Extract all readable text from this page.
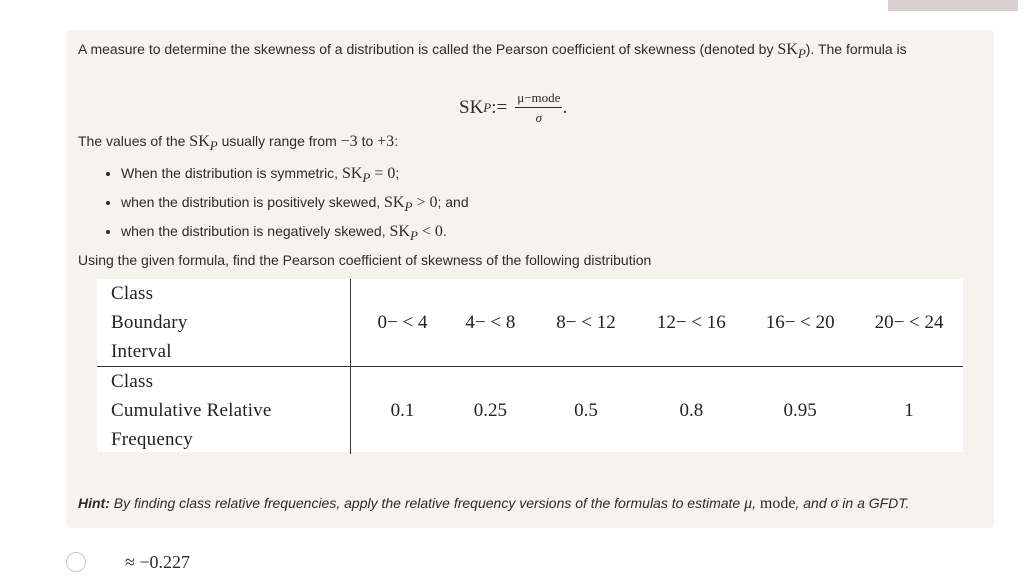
A measure to determine the skewness of a distribution is called the Pearson coefficient of skewness (denoted by $SK_P$). The formula is
SK P := $\frac{\text{μ−mode}}{\sigma}$ .
The values of the $SK_P$ usually range from −3 to +3:
• When the distribution is symmetric, $SK_P = 0$;
• when the distribution is positively skewed, $SK_P > 0$; and
• when the distribution is negatively skewed, $SK_P < 0$.
Using the given formula, find the Pearson coefficient of skewness of the following distribution
Class
Boundary
Interval	0− < 4	4− < 8	8− < 12	12− < 16	16− < 20	20− < 24

Class
Cumulative Relative
Frequency	0.1	0.25	0.5	0.8	0.95	1
Hint: By finding class relative frequencies, apply the relative frequency versions of the formulas to estimate μ, mode, and σ in a GFDT.
≈ −0.227
